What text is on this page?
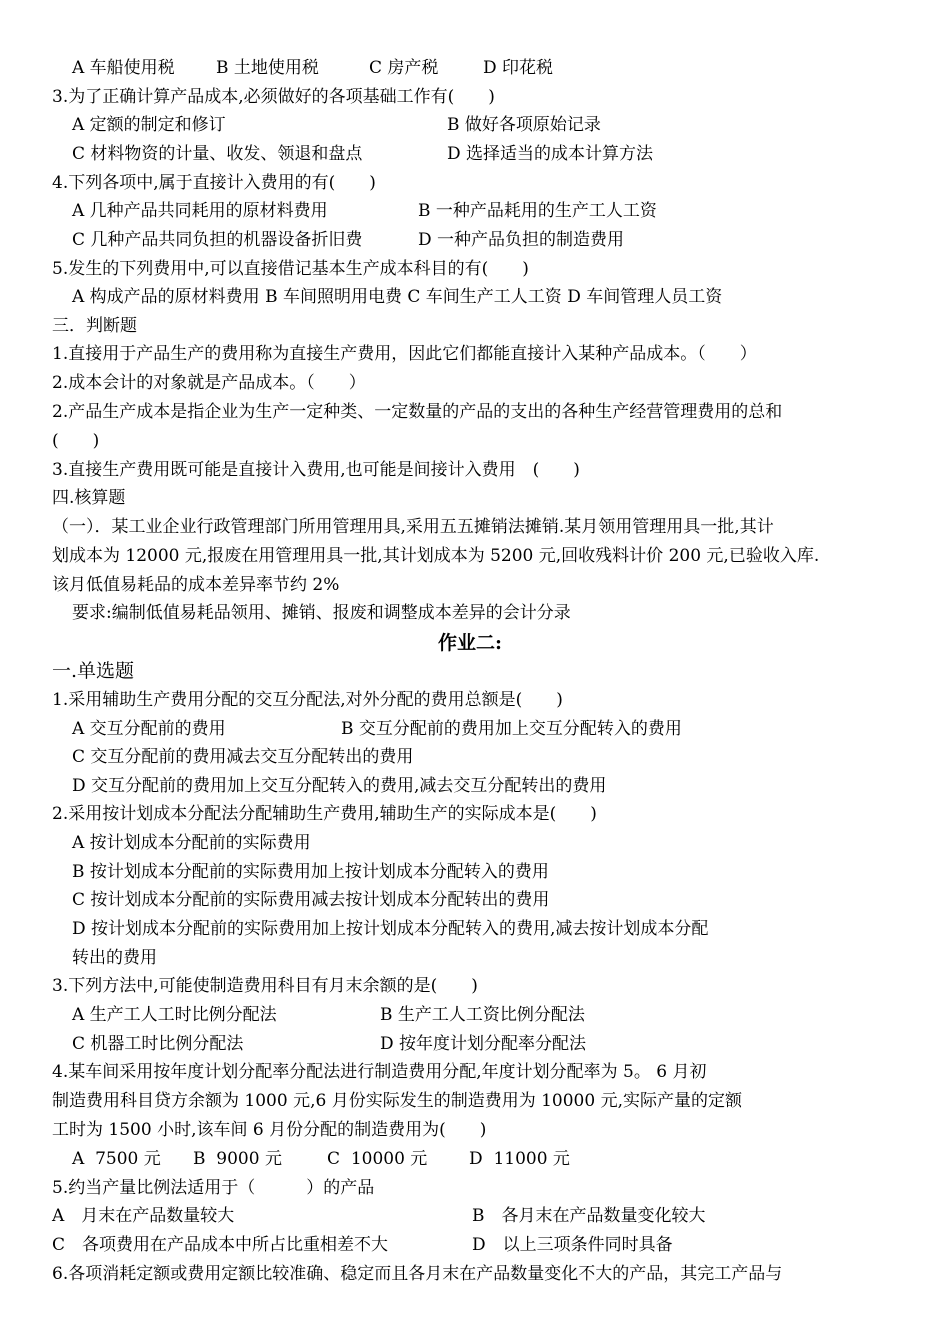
A 车船使用税 B 土地使用税	C 房产税	D 印花税
3.为了正确计算产品成本,必须做好的各项基础工作有(　　)
A 定额的制定和修订	B 做好各项原始记录
C 材料物资的计量、收发、领退和盘点	D 选择适当的成本计算方法
4.下列各项中,属于直接计入费用的有(　　)
A 几种产品共同耗用的原材料费用	B 一种产品耗用的生产工人工资
C 几种产品共同负担的机器设备折旧费	D 一种产品负担的制造费用
5.发生的下列费用中,可以直接借记基本生产成本科目的有(　　)
A 构成产品的原材料费用 B 车间照明用电费 C 车间生产工人工资 D 车间管理人员工资
三．判断题
1.直接用于产品生产的费用称为直接生产费用，因此它们都能直接计入某种产品成本。（　　）
2.成本会计的对象就是产品成本。（　　）
2.产品生产成本是指企业为生产一定种类、一定数量的产品的支出的各种生产经营管理费用的总和
(　　)
3.直接生产费用既可能是直接计入费用,也可能是间接计入费用　(　　)
四.核算题
（一）．某工业企业行政管理部门所用管理用具,采用五五摊销法摊销.某月领用管理用具一批,其计
划成本为 12000 元,报废在用管理用具一批,其计划成本为 5200 元,回收残料计价 200 元,已验收入库.
该月低值易耗品的成本差异率节约 2%
要求:编制低值易耗品领用、摊销、报废和调整成本差异的会计分录
作业二:
一.单选题
1.采用辅助生产费用分配的交互分配法,对外分配的费用总额是(　　)
A 交互分配前的费用	B 交互分配前的费用加上交互分配转入的费用
C 交互分配前的费用减去交互分配转出的费用
D 交互分配前的费用加上交互分配转入的费用,减去交互分配转出的费用
2.采用按计划成本分配法分配辅助生产费用,辅助生产的实际成本是(　　)
A 按计划成本分配前的实际费用
B 按计划成本分配前的实际费用加上按计划成本分配转入的费用
C 按计划成本分配前的实际费用减去按计划成本分配转出的费用
D 按计划成本分配前的实际费用加上按计划成本分配转入的费用,减去按计划成本分配
转出的费用
3.下列方法中,可能使制造费用科目有月末余额的是(　　)
A 生产工人工时比例分配法	B 生产工人工资比例分配法
C 机器工时比例分配法	D 按年度计划分配率分配法
4.某车间采用按年度计划分配率分配法进行制造费用分配,年度计划分配率为 5。 6 月初
制造费用科目贷方余额为 1000 元,6 月份实际发生的制造费用为 10000 元,实际产量的定额
工时为 1500 小时,该车间 6 月份分配的制造费用为(　　)
A  7500 元 B  9000 元	C  10000 元 D  11000 元
5.约当产量比例法适用于（　　　）的产品
A　月末在产品数量较大	B　各月末在产品数量变化较大
C　各项费用在产品成本中所占比重相差不大	D　以上三项条件同时具备
6.各项消耗定额或费用定额比较准确、稳定而且各月末在产品数量变化不大的产品，其完工产品与
